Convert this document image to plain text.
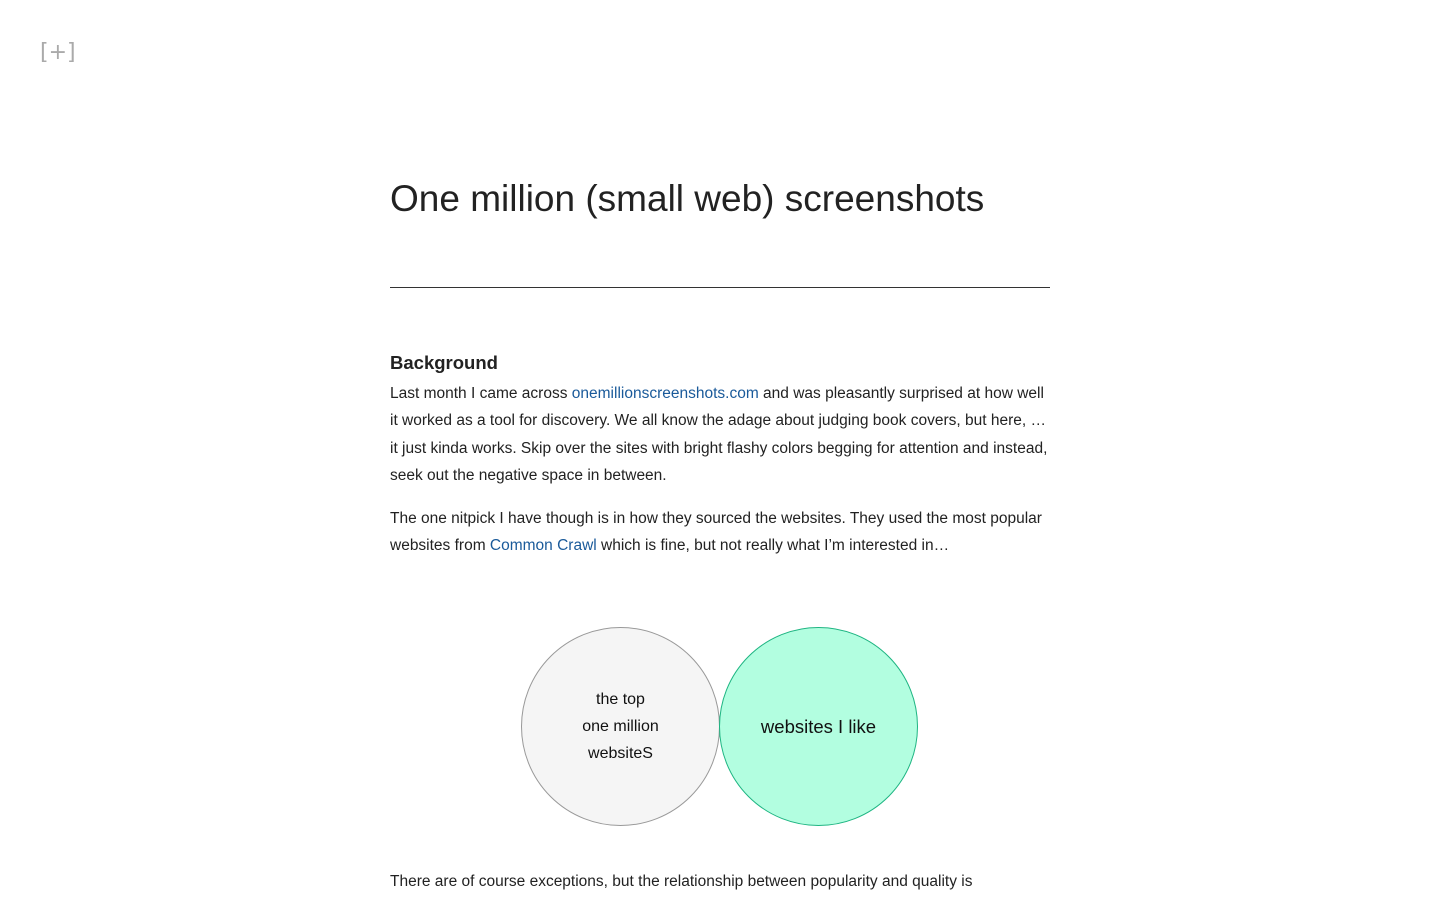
[+]
One million (small web) screenshots
Background

Last month I came across onemillionscreenshots.com and was pleasantly surprised at how well it worked as a tool for discovery. We all know the adage about judging book covers, but here, …it just kinda works. Skip over the sites with bright flashy colors begging for attention and instead, seek out the negative space in between.

The one nitpick I have though is in how they sourced the websites. They used the most popular websites from Common Crawl which is fine, but not really what I’m interested in…

the top
one million
websiteS
websites I like

There are of course exceptions, but the relationship between popularity and quality is
